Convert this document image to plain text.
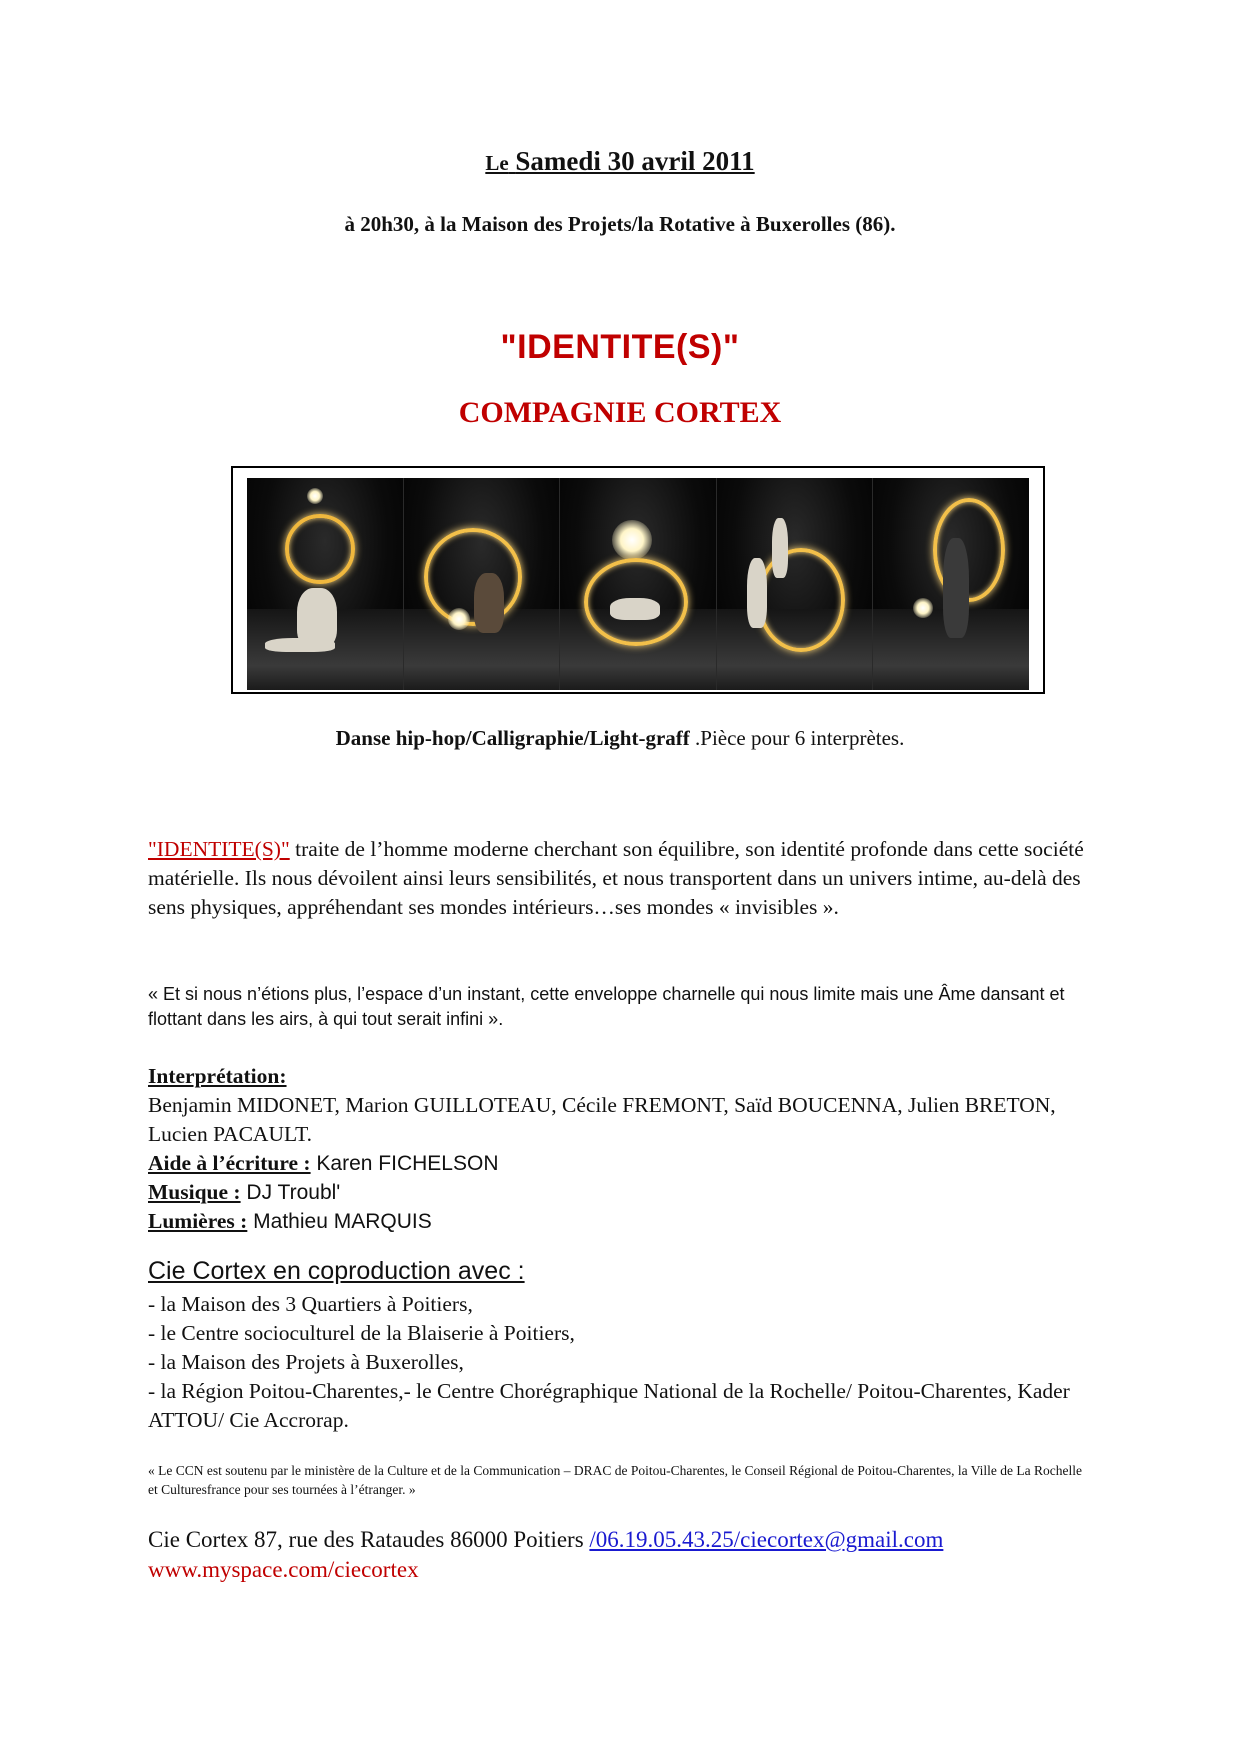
Le Samedi 30 avril 2011
à 20h30, à la Maison des Projets/la Rotative à Buxerolles (86).
"IDENTITE(S)"
COMPAGNIE CORTEX
Danse hip-hop/Calligraphie/Light-graff .Pièce pour 6 interprètes.
"IDENTITE(S)" traite de l’homme moderne cherchant son équilibre, son identité profonde dans cette société matérielle. Ils nous dévoilent ainsi leurs sensibilités, et nous transportent dans un univers intime, au-delà des sens physiques, appréhendant ses mondes intérieurs…ses mondes « invisibles ».
« Et si nous n’étions plus, l’espace d’un instant, cette enveloppe charnelle qui nous limite mais une Âme dansant et flottant dans les airs, à qui tout serait infini ».
Interprétation:
Benjamin MIDONET, Marion GUILLOTEAU, Cécile FREMONT, Saïd BOUCENNA, Julien BRETON, Lucien PACAULT.
Aide à l’écriture : Karen FICHELSON
Musique : DJ Troubl'
Lumières : Mathieu MARQUIS
Cie Cortex en coproduction avec :
- la Maison des 3 Quartiers à Poitiers,
- le Centre socioculturel de la Blaiserie à Poitiers,
- la Maison des Projets à Buxerolles,
- la Région Poitou-Charentes,- le Centre Chorégraphique National de la Rochelle/ Poitou-Charentes, Kader ATTOU/ Cie Accrorap.
« Le CCN est soutenu par le ministère de la Culture et de la Communication – DRAC de Poitou-Charentes, le Conseil Régional de Poitou-Charentes, la Ville de La Rochelle et Culturesfrance pour ses tournées à l’étranger. »
Cie Cortex 87, rue des Rataudes 86000 Poitiers /06.19.05.43.25/ciecortex@gmail.com
www.myspace.com/ciecortex
